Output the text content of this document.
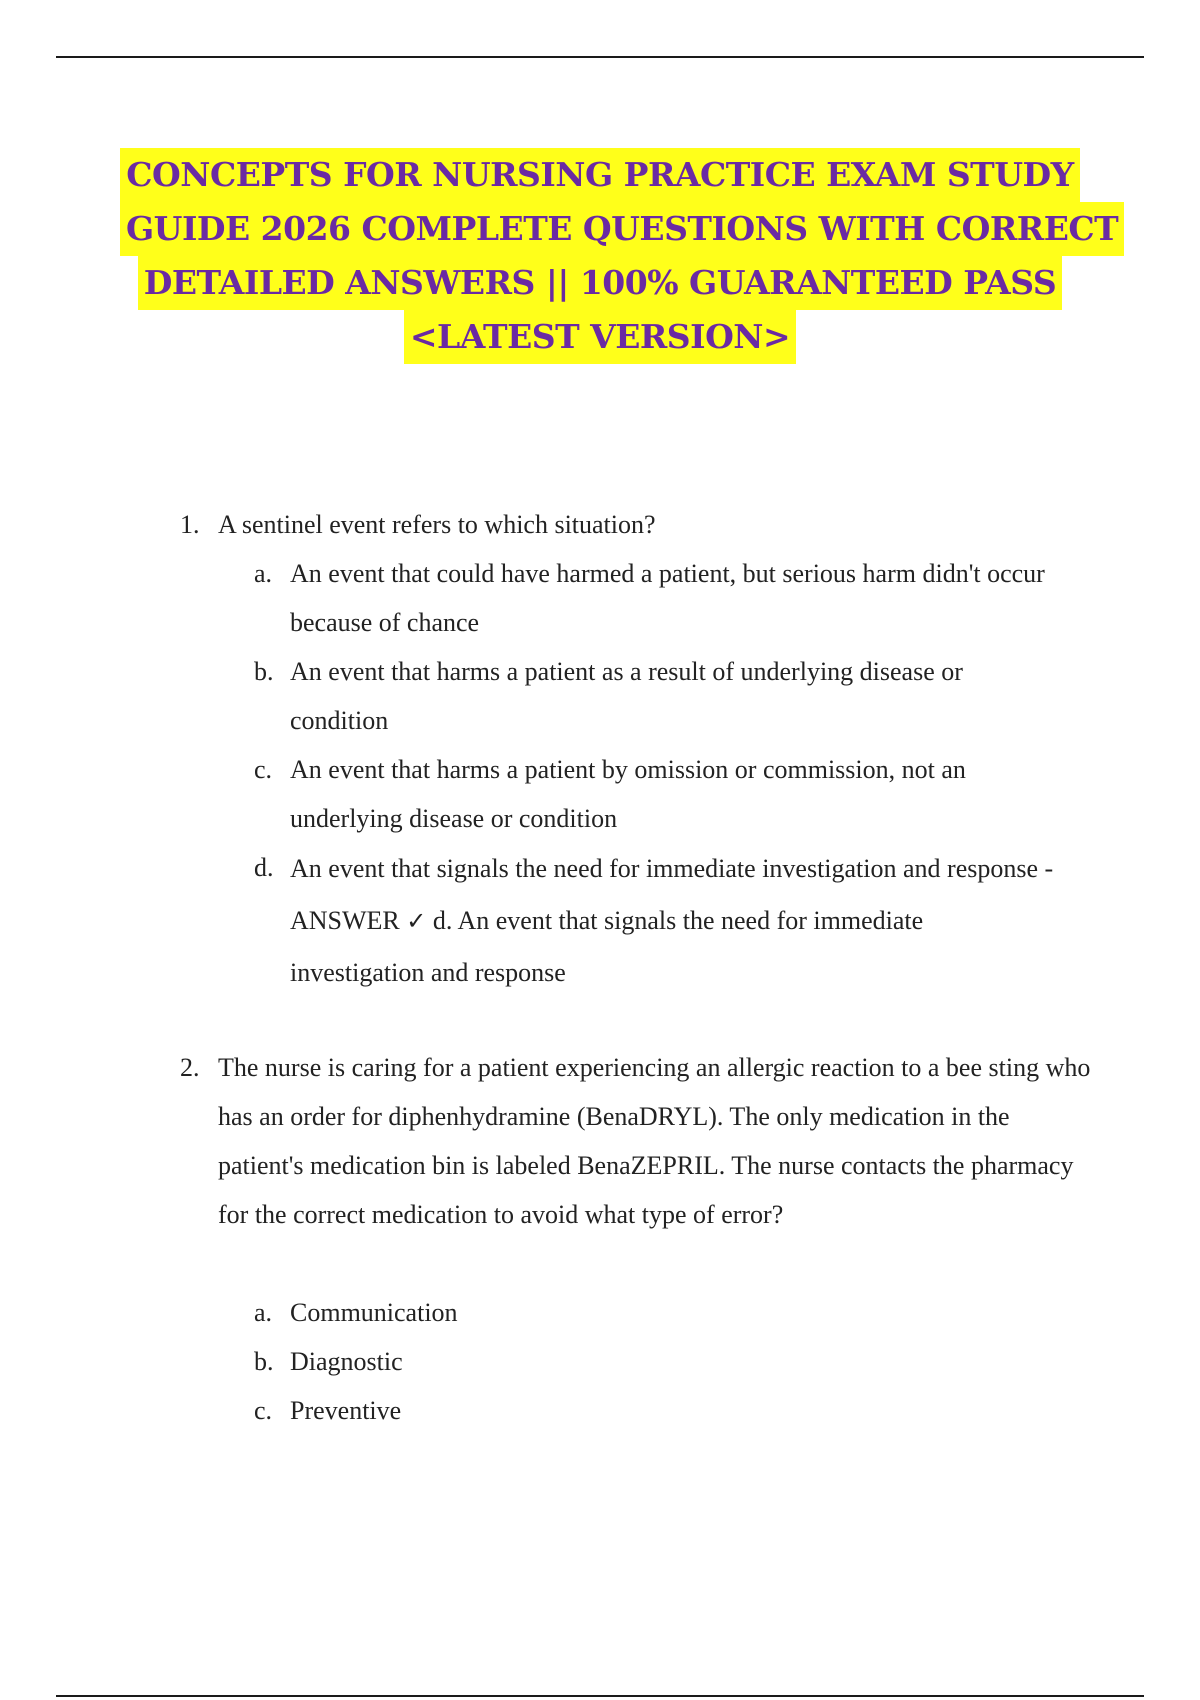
CONCEPTS FOR NURSING PRACTICE EXAM STUDY
GUIDE 2026 COMPLETE QUESTIONS WITH CORRECT
DETAILED ANSWERS || 100% GUARANTEED PASS
<LATEST VERSION>
1. A sentinel event refers to which situation?
a. An event that could have harmed a patient, but serious harm didn't occur because of chance
b. An event that harms a patient as a result of underlying disease or condition
c. An event that harms a patient by omission or commission, not an underlying disease or condition
d. An event that signals the need for immediate investigation and response - ANSWER ✓ d. An event that signals the need for immediate investigation and response
2. The nurse is caring for a patient experiencing an allergic reaction to a bee sting who has an order for diphenhydramine (BenaDRYL). The only medication in the patient's medication bin is labeled BenaZEPRIL. The nurse contacts the pharmacy for the correct medication to avoid what type of error?
a. Communication
b. Diagnostic
c. Preventive
